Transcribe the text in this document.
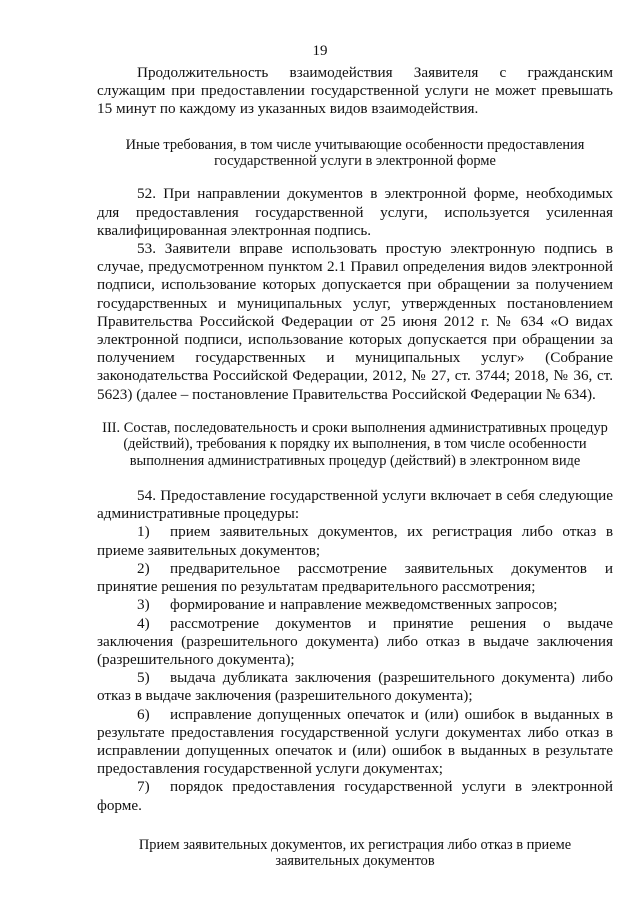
19

Продолжительность взаимодействия Заявителя с гражданским служащим при предоставлении государственной услуги не может превышать 15 минут по каждому из указанных видов взаимодействия.

Иные требования, в том числе учитывающие особенности предоставления государственной услуги в электронной форме

52. При направлении документов в электронной форме, необходимых для предоставления государственной услуги, используется усиленная квалифицированная электронная подпись.

53. Заявители вправе использовать простую электронную подпись в случае, предусмотренном пунктом 2.1 Правил определения видов электронной подписи, использование которых допускается при обращении за получением государственных и муниципальных услуг, утвержденных постановлением Правительства Российской Федерации от 25 июня 2012 г. № 634 «О видах электронной подписи, использование которых допускается при обращении за получением государственных и муниципальных услуг» (Собрание законодательства Российской Федерации, 2012, № 27, ст. 3744; 2018, № 36, ст. 5623) (далее – постановление Правительства Российской Федерации № 634).

III. Состав, последовательность и сроки выполнения административных процедур (действий), требования к порядку их выполнения, в том числе особенности выполнения административных процедур (действий) в электронном виде

54. Предоставление государственной услуги включает в себя следующие административные процедуры:

1) прием заявительных документов, их регистрация либо отказ в приеме заявительных документов;

2) предварительное рассмотрение заявительных документов и принятие решения по результатам предварительного рассмотрения;

3) формирование и направление межведомственных запросов;

4) рассмотрение документов и принятие решения о выдаче заключения (разрешительного документа) либо отказ в выдаче заключения (разрешительного документа);

5) выдача дубликата заключения (разрешительного документа) либо отказ в выдаче заключения (разрешительного документа);

6) исправление допущенных опечаток и (или) ошибок в выданных в результате предоставления государственной услуги документах либо отказ в исправлении допущенных опечаток и (или) ошибок в выданных в результате предоставления государственной услуги документах;

7) порядок предоставления государственной услуги в электронной форме.

Прием заявительных документов, их регистрация либо отказ в приеме заявительных документов
